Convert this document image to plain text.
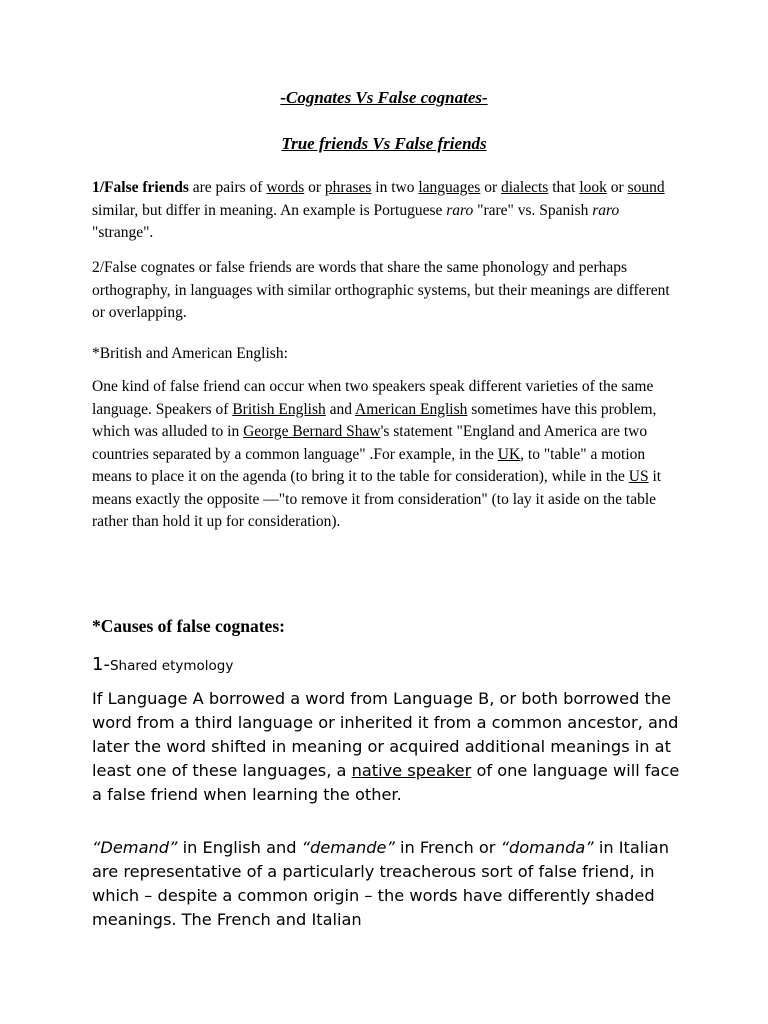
-Cognates Vs False cognates-
True friends Vs False friends

1/False friends are pairs of words or phrases in two languages or dialects that look or sound similar, but differ in meaning. An example is Portuguese raro "rare" vs. Spanish raro "strange".

2/False cognates or false friends are words that share the same phonology and perhaps orthography, in languages with similar orthographic systems, but their meanings are different or overlapping.

*British and American English:

One kind of false friend can occur when two speakers speak different varieties of the same language. Speakers of British English and American English sometimes have this problem, which was alluded to in George Bernard Shaw's statement "England and America are two countries separated by a common language" .For example, in the UK, to "table" a motion means to place it on the agenda (to bring it to the table for consideration), while in the US it means exactly the opposite —"to remove it from consideration" (to lay it aside on the table rather than hold it up for consideration).

*Causes of false cognates:
1-Shared etymology

If Language A borrowed a word from Language B, or both borrowed the word from a third language or inherited it from a common ancestor, and later the word shifted in meaning or acquired additional meanings in at least one of these languages, a native speaker of one language will face a false friend when learning the other.

“Demand” in English and “demande” in French or “domanda” in Italian are representative of a particularly treacherous sort of false friend, in which – despite a common origin – the words have differently shaded meanings. The French and Italian
